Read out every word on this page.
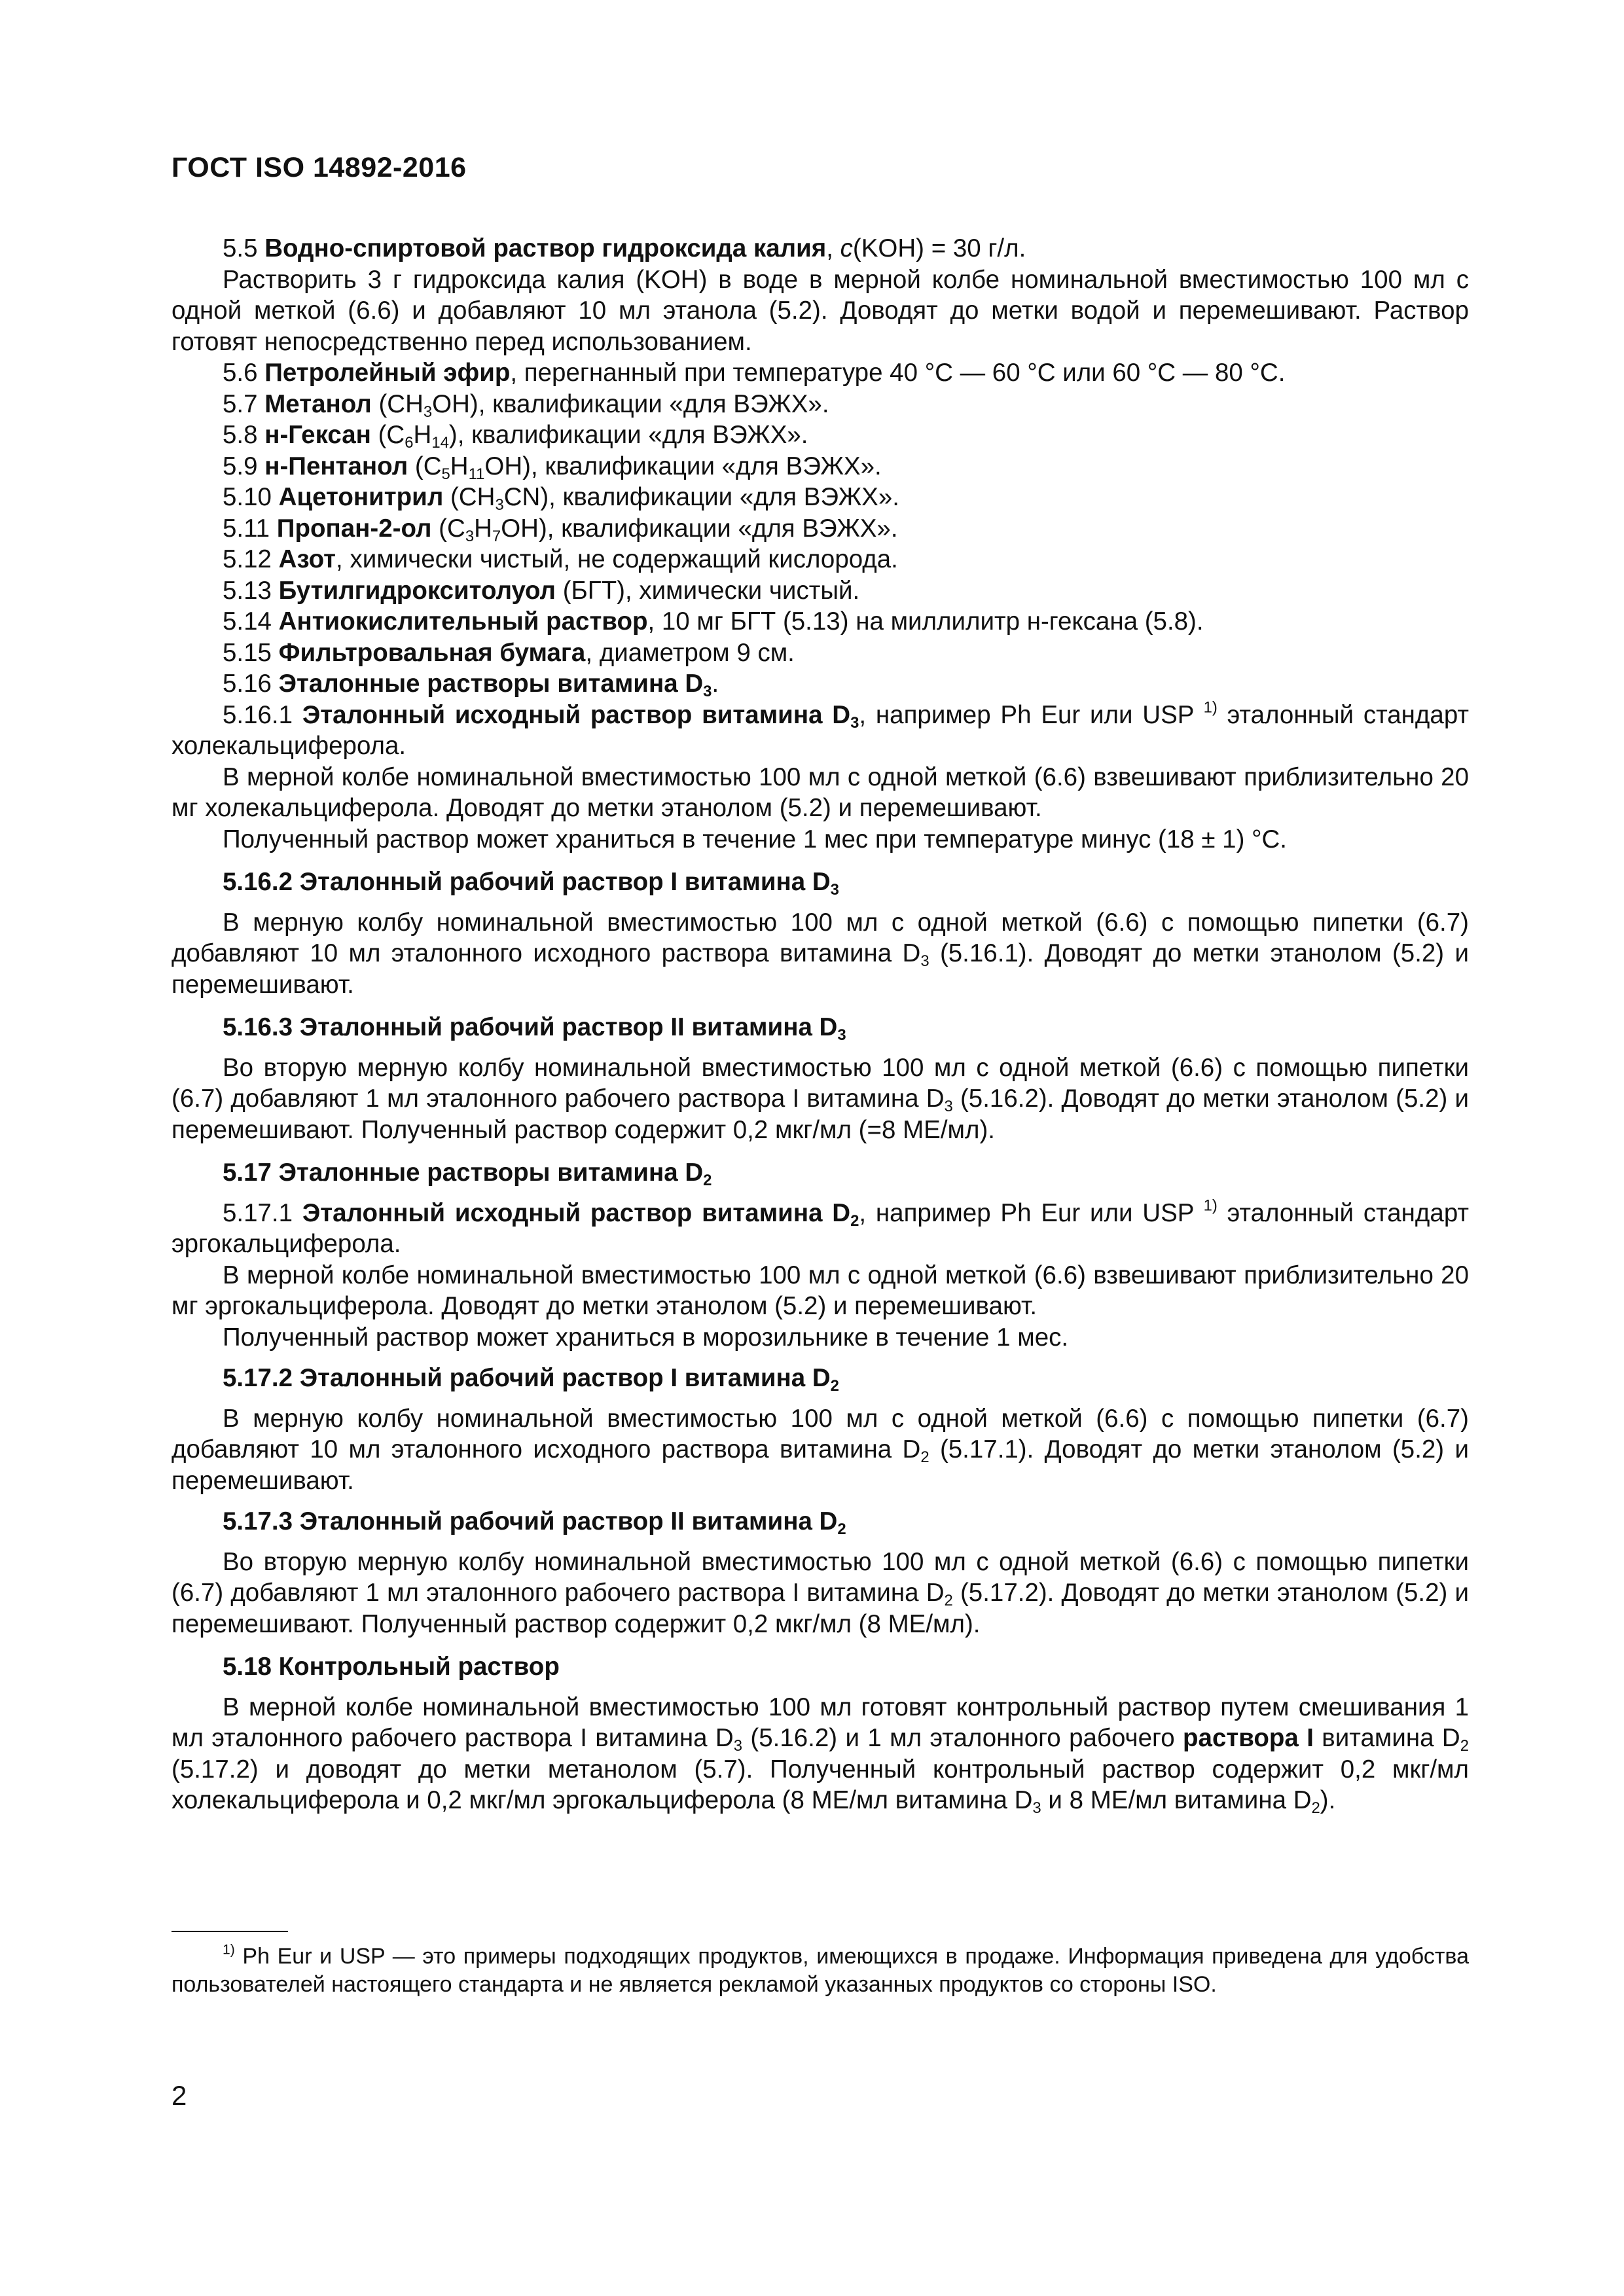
ГОСТ ISO 14892-2016

5.5 Водно-спиртовой раствор гидроксида калия, c(KOH) = 30 г/л.

Растворить 3 г гидроксида калия (KOH) в воде в мерной колбе номинальной вместимостью 100 мл с одной меткой (6.6) и добавляют 10 мл этанола (5.2). Доводят до метки водой и перемешивают. Раствор готовят непосредственно перед использованием.

5.6 Петролейный эфир, перегнанный при температуре 40 °С — 60 °С или 60 °С — 80 °С.

5.7 Метанол $(CH_3OH)$, квалификации «для ВЭЖХ».

5.8 н-Гексан $(C_6H_{14})$, квалификации «для ВЭЖХ».

5.9 н-Пентанол $(C_5H_{11}OH)$, квалификации «для ВЭЖХ».

5.10 Ацетонитрил $(CH_3CN)$, квалификации «для ВЭЖХ».

5.11 Пропан-2-ол $(C_3H_7OH)$, квалификации «для ВЭЖХ».

5.12 Азот, химически чистый, не содержащий кислорода.

5.13 Бутилгидрокситолуол (БГТ), химически чистый.

5.14 Антиокислительный раствор, 10 мг БГТ (5.13) на миллилитр н-гексана (5.8).

5.15 Фильтровальная бумага, диаметром 9 см.

5.16 Эталонные растворы витамина $D_3$.

5.16.1 Эталонный исходный раствор витамина $D_3$, например Ph Eur или USP $^{1)}$ эталонный стандарт холекальциферола.

В мерной колбе номинальной вместимостью 100 мл с одной меткой (6.6) взвешивают приблизительно 20 мг холекальциферола. Доводят до метки этанолом (5.2) и перемешивают.

Полученный раствор может храниться в течение 1 мес при температуре минус (18 ± 1) °С.

5.16.2 Эталонный рабочий раствор I витамина $D_3$

В мерную колбу номинальной вместимостью 100 мл с одной меткой (6.6) с помощью пипетки (6.7) добавляют 10 мл эталонного исходного раствора витамина $D_3$ (5.16.1). Доводят до метки этанолом (5.2) и перемешивают.

5.16.3 Эталонный рабочий раствор II витамина $D_3$

Во вторую мерную колбу номинальной вместимостью 100 мл с одной меткой (6.6) с помощью пипетки (6.7) добавляют 1 мл эталонного рабочего раствора I витамина $D_3$ (5.16.2). Доводят до метки этанолом (5.2) и перемешивают. Полученный раствор содержит 0,2 мкг/мл (=8 МЕ/мл).

5.17 Эталонные растворы витамина $D_2$

5.17.1 Эталонный исходный раствор витамина $D_2$, например Ph Eur или USP $^{1)}$ эталонный стандарт эргокальциферола.

В мерной колбе номинальной вместимостью 100 мл с одной меткой (6.6) взвешивают приблизительно 20 мг эргокальциферола. Доводят до метки этанолом (5.2) и перемешивают.

Полученный раствор может храниться в морозильнике в течение 1 мес.

5.17.2 Эталонный рабочий раствор I витамина $D_2$

В мерную колбу номинальной вместимостью 100 мл с одной меткой (6.6) с помощью пипетки (6.7) добавляют 10 мл эталонного исходного раствора витамина $D_2$ (5.17.1). Доводят до метки этанолом (5.2) и перемешивают.

5.17.3 Эталонный рабочий раствор II витамина $D_2$

Во вторую мерную колбу номинальной вместимостью 100 мл с одной меткой (6.6) с помощью пипетки (6.7) добавляют 1 мл эталонного рабочего раствора I витамина $D_2$ (5.17.2). Доводят до метки этанолом (5.2) и перемешивают. Полученный раствор содержит 0,2 мкг/мл (8 МЕ/мл).

5.18 Контрольный раствор

В мерной колбе номинальной вместимостью 100 мл готовят контрольный раствор путем смешивания 1 мл эталонного рабочего раствора I витамина $D_3$ (5.16.2) и 1 мл эталонного рабочего раствора I витамина $D_2$ (5.17.2) и доводят до метки метанолом (5.7). Полученный контрольный раствор содержит 0,2 мкг/мл холекальциферола и 0,2 мкг/мл эргокальциферола (8 МЕ/мл витамина $D_3$ и 8 МЕ/мл витамина $D_2$).

$^{1)}$ Ph Eur и USP — это примеры подходящих продуктов, имеющихся в продаже. Информация приведена для удобства пользователей настоящего стандарта и не является рекламой указанных продуктов со стороны ISO.
2
